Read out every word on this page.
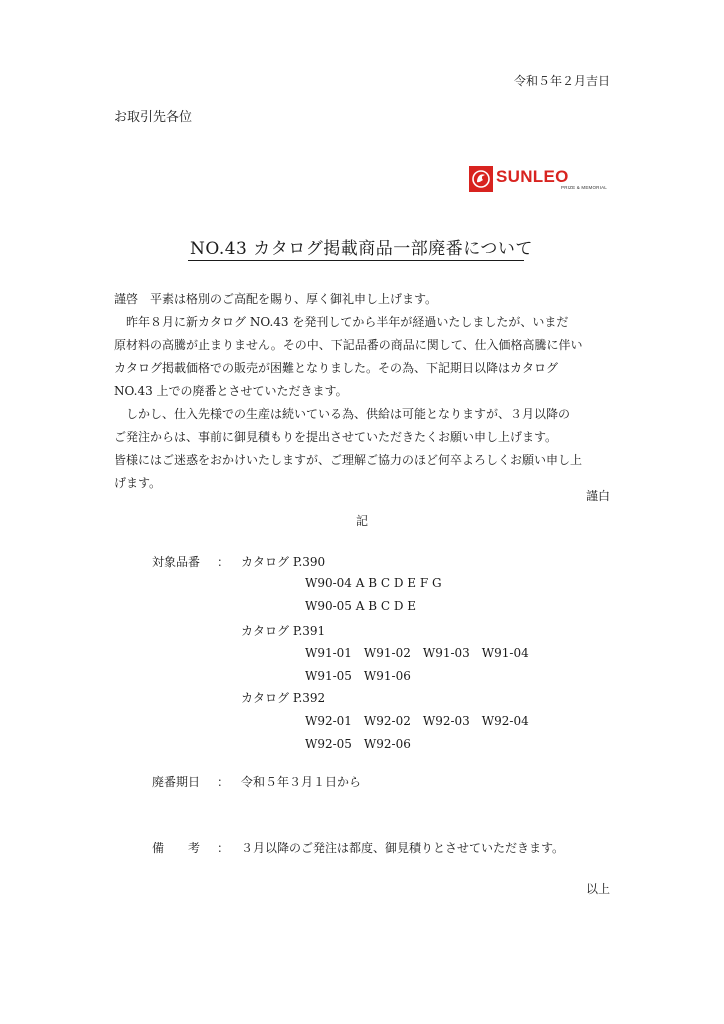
令和５年２月吉日
お取引先各位
SUNLEO
PRIZE & MEMORIAL
NO.43 カタログ掲載商品一部廃番について

謹啓　平素は格別のご高配を賜り、厚く御礼申し上げます。

　昨年８月に新カタログ NO.43 を発刊してから半年が経過いたしましたが、いまだ

原材料の高騰が止まりません。その中、下記品番の商品に関して、仕入価格高騰に伴い

カタログ掲載価格での販売が困難となりました。その為、下記期日以降はカタログ

NO.43 上での廃番とさせていただきます。

　しかし、仕入先様での生産は続いている為、供給は可能となりますが、３月以降の

ご発注からは、事前に御見積もりを提出させていただきたくお願い申し上げます。

皆様にはご迷惑をおかけいたしますが、ご理解ご協力のほど何卒よろしくお願い申し上

げます。

謹白
記
対象品番 ： カタログ P.390
W90-04 A B C D E F G
W90-05 A B C D E
カタログ P.391
W91-01　W91-02　W91-03　W91-04
W91-05　W91-06
カタログ P.392
W92-01　W92-02　W92-03　W92-04
W92-05　W92-06
廃番期日 ： 令和５年３月１日から
備　　考 ： ３月以降のご発注は都度、御見積りとさせていただきます。
以上
